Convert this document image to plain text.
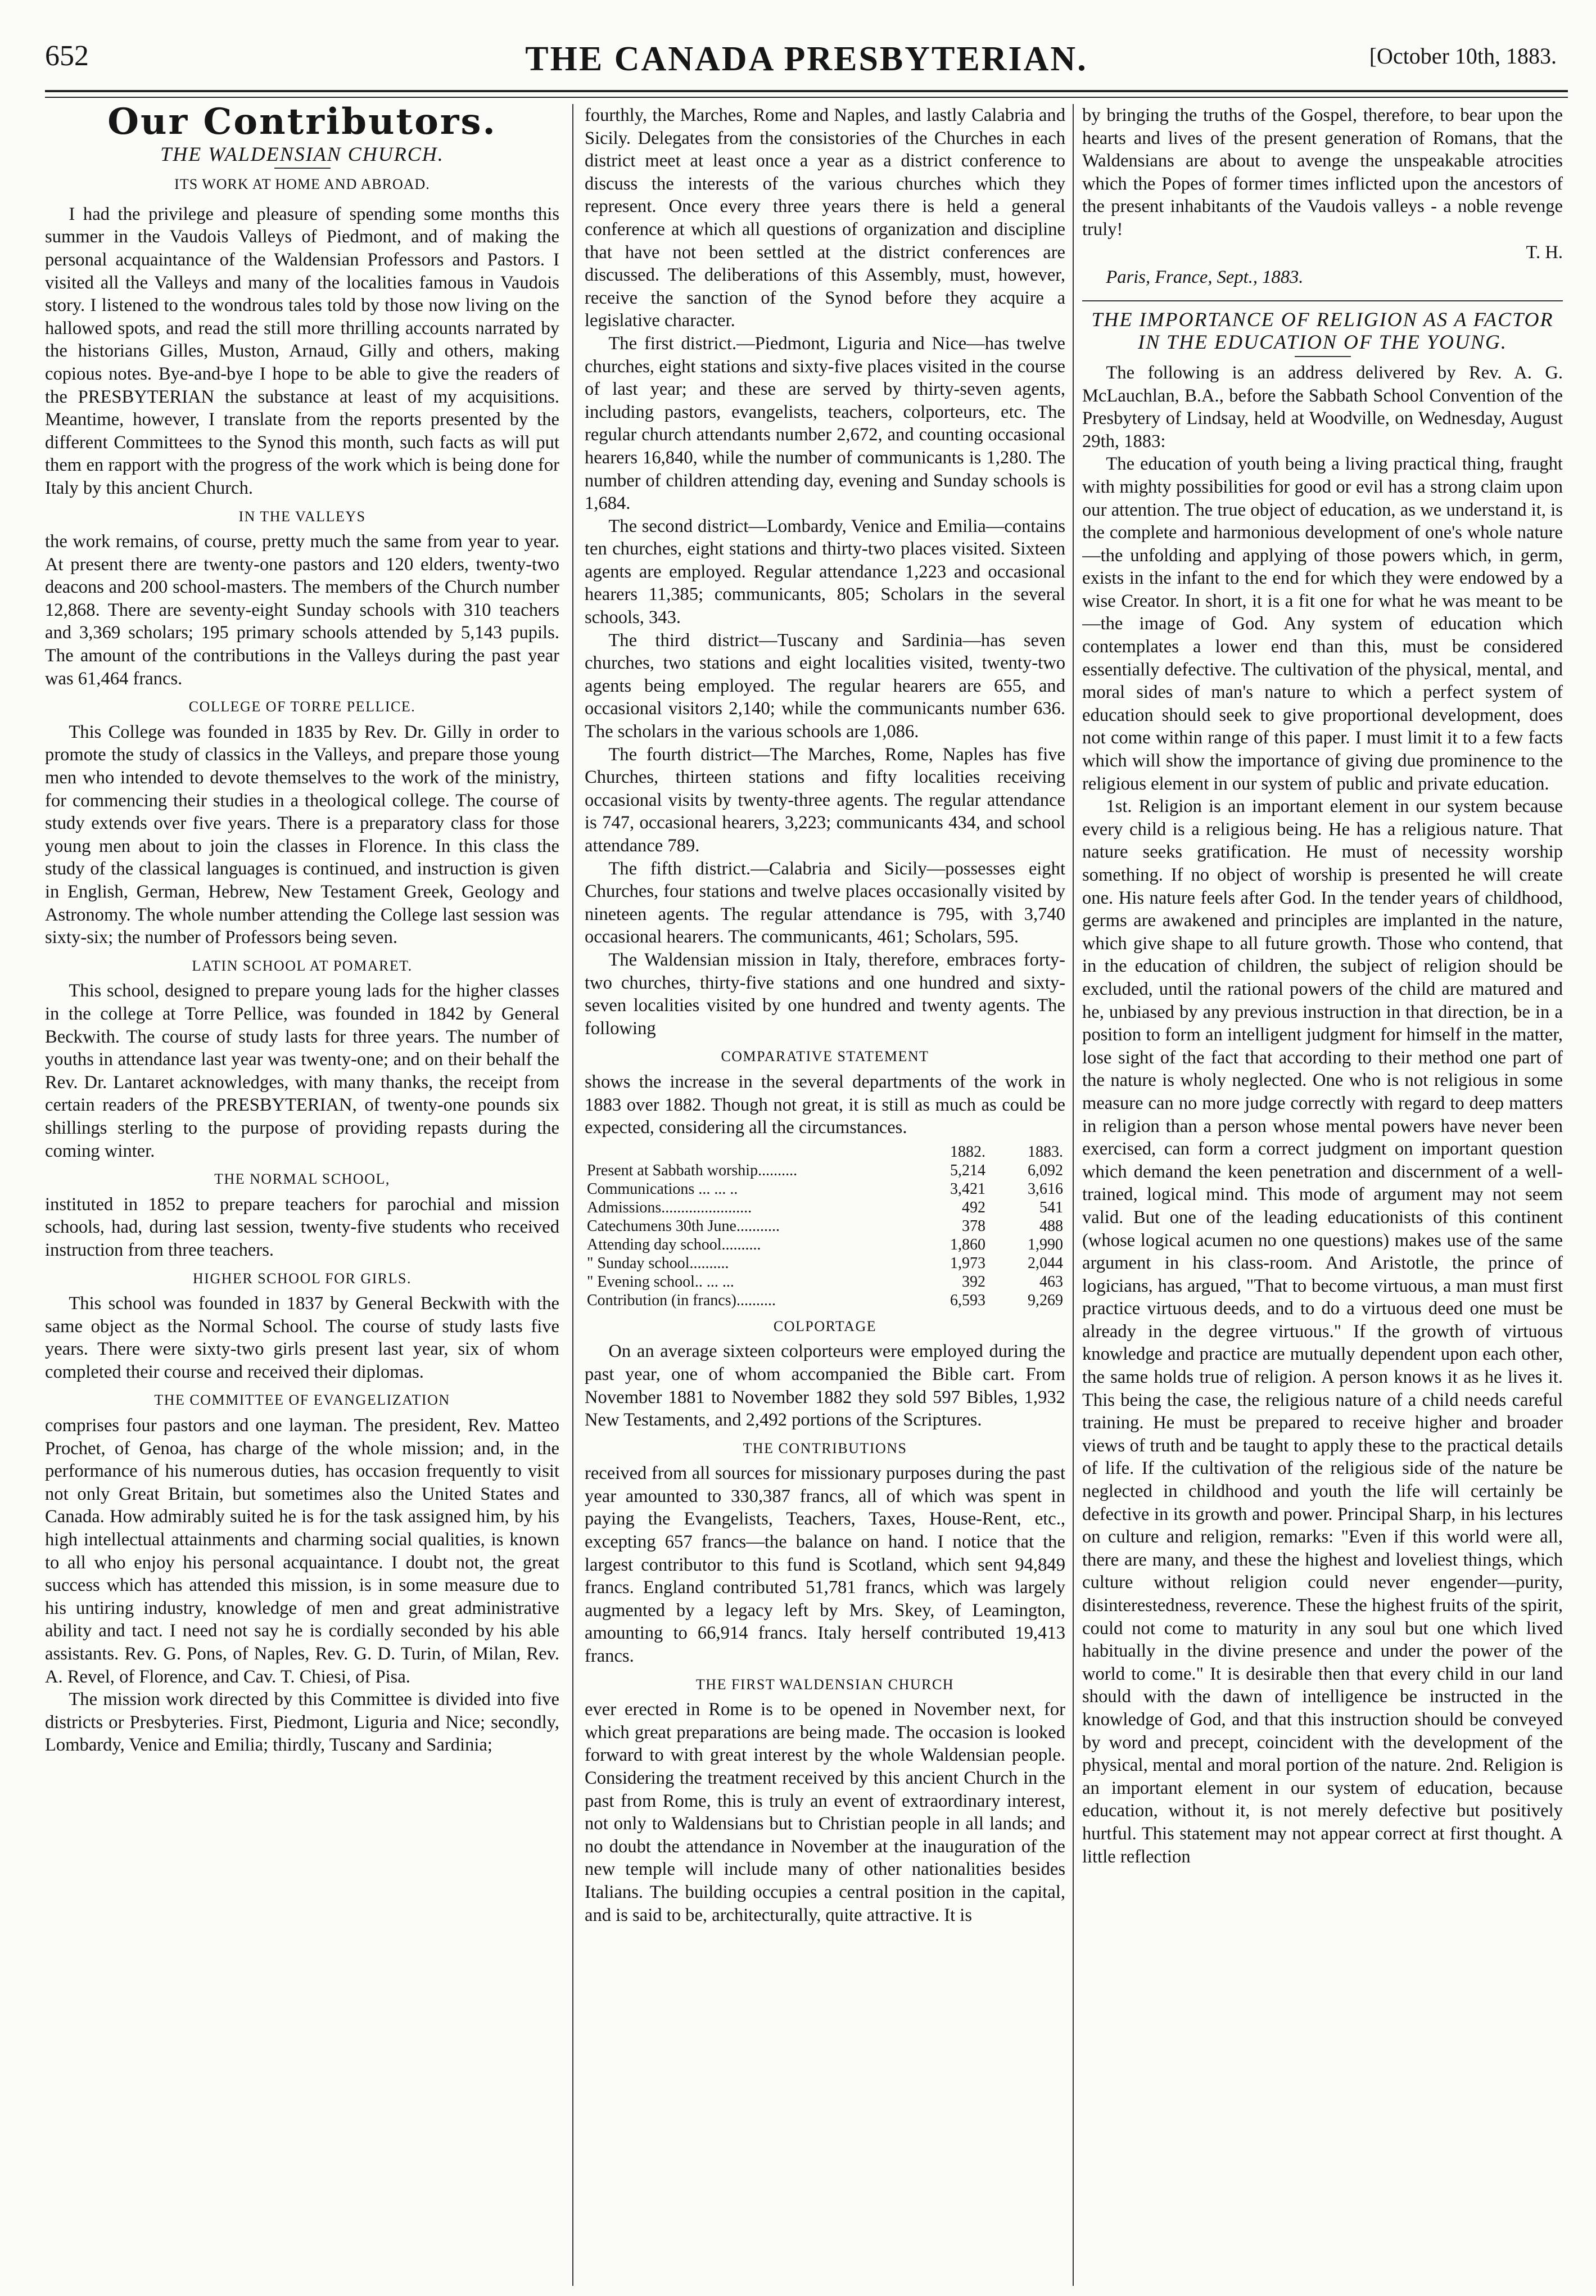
652	THE CANADA PRESBYTERIAN.	[October 10th, 1883.
Our Contributors.
THE WALDENSIAN CHURCH.
ITS WORK AT HOME AND ABROAD.

I had the privilege and pleasure of spending some months this summer in the Vaudois Valleys of Piedmont, and of making the personal acquaintance of the Waldensian Professors and Pastors. I visited all the Valleys and many of the localities famous in Vaudois story. I listened to the wondrous tales told by those now living on the hallowed spots, and read the still more thrilling accounts narrated by the historians Gilles, Muston, Arnaud, Gilly and others, making copious notes. Bye-and-bye I hope to be able to give the readers of the PRESBYTERIAN the substance at least of my acquisitions. Meantime, however, I translate from the reports presented by the different Committees to the Synod this month, such facts as will put them en rapport with the progress of the work which is being done for Italy by this ancient Church.

IN THE VALLEYS

the work remains, of course, pretty much the same from year to year. At present there are twenty-one pastors and 120 elders, twenty-two deacons and 200 school-masters. The members of the Church number 12,868. There are seventy-eight Sunday schools with 310 teachers and 3,369 scholars; 195 primary schools attended by 5,143 pupils. The amount of the contributions in the Valleys during the past year was 61,464 francs.

COLLEGE OF TORRE PELLICE.

This College was founded in 1835 by Rev. Dr. Gilly in order to promote the study of classics in the Valleys, and prepare those young men who intended to devote themselves to the work of the ministry, for commencing their studies in a theological college. The course of study extends over five years. There is a preparatory class for those young men about to join the classes in Florence. In this class the study of the classical languages is continued, and instruction is given in English, German, Hebrew, New Testament Greek, Geology and Astronomy. The whole number attending the College last session was sixty-six; the number of Professors being seven.

LATIN SCHOOL AT POMARET.

This school, designed to prepare young lads for the higher classes in the college at Torre Pellice, was founded in 1842 by General Beckwith. The course of study lasts for three years. The number of youths in attendance last year was twenty-one; and on their behalf the Rev. Dr. Lantaret acknowledges, with many thanks, the receipt from certain readers of the PRESBYTERIAN, of twenty-one pounds six shillings sterling to the purpose of providing repasts during the coming winter.

THE NORMAL SCHOOL,

instituted in 1852 to prepare teachers for parochial and mission schools, had, during last session, twenty-five students who received instruction from three teachers.

HIGHER SCHOOL FOR GIRLS.

This school was founded in 1837 by General Beckwith with the same object as the Normal School. The course of study lasts five years. There were sixty-two girls present last year, six of whom completed their course and received their diplomas.

THE COMMITTEE OF EVANGELIZATION

comprises four pastors and one layman. The president, Rev. Matteo Prochet, of Genoa, has charge of the whole mission; and, in the performance of his numerous duties, has occasion frequently to visit not only Great Britain, but sometimes also the United States and Canada. How admirably suited he is for the task assigned him, by his high intellectual attainments and charming social qualities, is known to all who enjoy his personal acquaintance. I doubt not, the great success which has attended this mission, is in some measure due to his untiring industry, knowledge of men and great administrative ability and tact. I need not say he is cordially seconded by his able assistants. Rev. G. Pons, of Naples, Rev. G. D. Turin, of Milan, Rev. A. Revel, of Florence, and Cav. T. Chiesi, of Pisa.

The mission work directed by this Committee is divided into five districts or Presbyteries. First, Piedmont, Liguria and Nice; secondly, Lombardy, Venice and Emilia; thirdly, Tuscany and Sardinia;

fourthly, the Marches, Rome and Naples, and lastly Calabria and Sicily. Delegates from the consistories of the Churches in each district meet at least once a year as a district conference to discuss the interests of the various churches which they represent. Once every three years there is held a general conference at which all questions of organization and discipline that have not been settled at the district conferences are discussed. The deliberations of this Assembly, must, however, receive the sanction of the Synod before they acquire a legislative character.

The first district.—Piedmont, Liguria and Nice—has twelve churches, eight stations and sixty-five places visited in the course of last year; and these are served by thirty-seven agents, including pastors, evangelists, teachers, colporteurs, etc. The regular church attendants number 2,672, and counting occasional hearers 16,840, while the number of communicants is 1,280. The number of children attending day, evening and Sunday schools is 1,684.

The second district—Lombardy, Venice and Emilia—contains ten churches, eight stations and thirty-two places visited. Sixteen agents are employed. Regular attendance 1,223 and occasional hearers 11,385; communicants, 805; Scholars in the several schools, 343.

The third district—Tuscany and Sardinia—has seven churches, two stations and eight localities visited, twenty-two agents being employed. The regular hearers are 655, and occasional visitors 2,140; while the communicants number 636. The scholars in the various schools are 1,086.

The fourth district—The Marches, Rome, Naples has five Churches, thirteen stations and fifty localities receiving occasional visits by twenty-three agents. The regular attendance is 747, occasional hearers, 3,223; communicants 434, and school attendance 789.

The fifth district.—Calabria and Sicily—possesses eight Churches, four stations and twelve places occasionally visited by nineteen agents. The regular attendance is 795, with 3,740 occasional hearers. The communicants, 461; Scholars, 595.

The Waldensian mission in Italy, therefore, embraces forty-two churches, thirty-five stations and one hundred and sixty-seven localities visited by one hundred and twenty agents. The following

COMPARATIVE STATEMENT

shows the increase in the several departments of the work in 1883 over 1882. Though not great, it is still as much as could be expected, considering all the circumstances.

	1882.	1883.
Present at Sabbath worship..........	5,214	6,092
Communications ... ... ..	3,421	3,616
Admissions.......................	492	541
Catechumens 30th June...........	378	488
Attending day school..........	1,860	1,990
" Sunday school..........	1,973	2,044
" Evening school.. ... ...	392	463
Contribution (in francs)..........	6,593	9,269
COLPORTAGE

On an average sixteen colporteurs were employed during the past year, one of whom accompanied the Bible cart. From November 1881 to November 1882 they sold 597 Bibles, 1,932 New Testaments, and 2,492 portions of the Scriptures.

THE CONTRIBUTIONS

received from all sources for missionary purposes during the past year amounted to 330,387 francs, all of which was spent in paying the Evangelists, Teachers, Taxes, House-Rent, etc., excepting 657 francs—the balance on hand. I notice that the largest contributor to this fund is Scotland, which sent 94,849 francs. England contributed 51,781 francs, which was largely augmented by a legacy left by Mrs. Skey, of Leamington, amounting to 66,914 francs. Italy herself contributed 19,413 francs.

THE FIRST WALDENSIAN CHURCH

ever erected in Rome is to be opened in November next, for which great preparations are being made. The occasion is looked forward to with great interest by the whole Waldensian people. Considering the treatment received by this ancient Church in the past from Rome, this is truly an event of extraordinary interest, not only to Waldensians but to Christian people in all lands; and no doubt the attendance in November at the inauguration of the new temple will include many of other nationalities besides Italians. The building occupies a central position in the capital, and is said to be, architecturally, quite attractive. It is

by bringing the truths of the Gospel, therefore, to bear upon the hearts and lives of the present generation of Romans, that the Waldensians are about to avenge the unspeakable atrocities which the Popes of former times inflicted upon the ancestors of the present inhabitants of the Vaudois valleys - a noble revenge truly!

T. H.
Paris, France, Sept., 1883.
THE IMPORTANCE OF RELIGION AS A FACTOR IN THE EDUCATION OF THE YOUNG.

The following is an address delivered by Rev. A. G. McLauchlan, B.A., before the Sabbath School Convention of the Presbytery of Lindsay, held at Woodville, on Wednesday, August 29th, 1883:

The education of youth being a living practical thing, fraught with mighty possibilities for good or evil has a strong claim upon our attention. The true object of education, as we understand it, is the complete and harmonious development of one's whole nature—the unfolding and applying of those powers which, in germ, exists in the infant to the end for which they were endowed by a wise Creator. In short, it is a fit one for what he was meant to be—the image of God. Any system of education which contemplates a lower end than this, must be considered essentially defective. The cultivation of the physical, mental, and moral sides of man's nature to which a perfect system of education should seek to give proportional development, does not come within range of this paper. I must limit it to a few facts which will show the importance of giving due prominence to the religious element in our system of public and private education.

1st. Religion is an important element in our system because every child is a religious being. He has a religious nature. That nature seeks gratification. He must of necessity worship something. If no object of worship is presented he will create one. His nature feels after God. In the tender years of childhood, germs are awakened and principles are implanted in the nature, which give shape to all future growth. Those who contend, that in the education of children, the subject of religion should be excluded, until the rational powers of the child are matured and he, unbiased by any previous instruction in that direction, be in a position to form an intelligent judgment for himself in the matter, lose sight of the fact that according to their method one part of the nature is wholy neglected. One who is not religious in some measure can no more judge correctly with regard to deep matters in religion than a person whose mental powers have never been exercised, can form a correct judgment on important question which demand the keen penetration and discernment of a well-trained, logical mind. This mode of argument may not seem valid. But one of the leading educationists of this continent (whose logical acumen no one questions) makes use of the same argument in his class-room. And Aristotle, the prince of logicians, has argued, "That to become virtuous, a man must first practice virtuous deeds, and to do a virtuous deed one must be already in the degree virtuous." If the growth of virtuous knowledge and practice are mutually dependent upon each other, the same holds true of religion. A person knows it as he lives it. This being the case, the religious nature of a child needs careful training. He must be prepared to receive higher and broader views of truth and be taught to apply these to the practical details of life. If the cultivation of the religious side of the nature be neglected in childhood and youth the life will certainly be defective in its growth and power. Principal Sharp, in his lectures on culture and religion, remarks: "Even if this world were all, there are many, and these the highest and loveliest things, which culture without religion could never engender—purity, disinterestedness, reverence. These the highest fruits of the spirit, could not come to maturity in any soul but one which lived habitually in the divine presence and under the power of the world to come." It is desirable then that every child in our land should with the dawn of intelligence be instructed in the knowledge of God, and that this instruction should be conveyed by word and precept, coincident with the development of the physical, mental and moral portion of the nature. 2nd. Religion is an important element in our system of education, because education, without it, is not merely defective but positively hurtful. This statement may not appear correct at first thought. A little reflection
